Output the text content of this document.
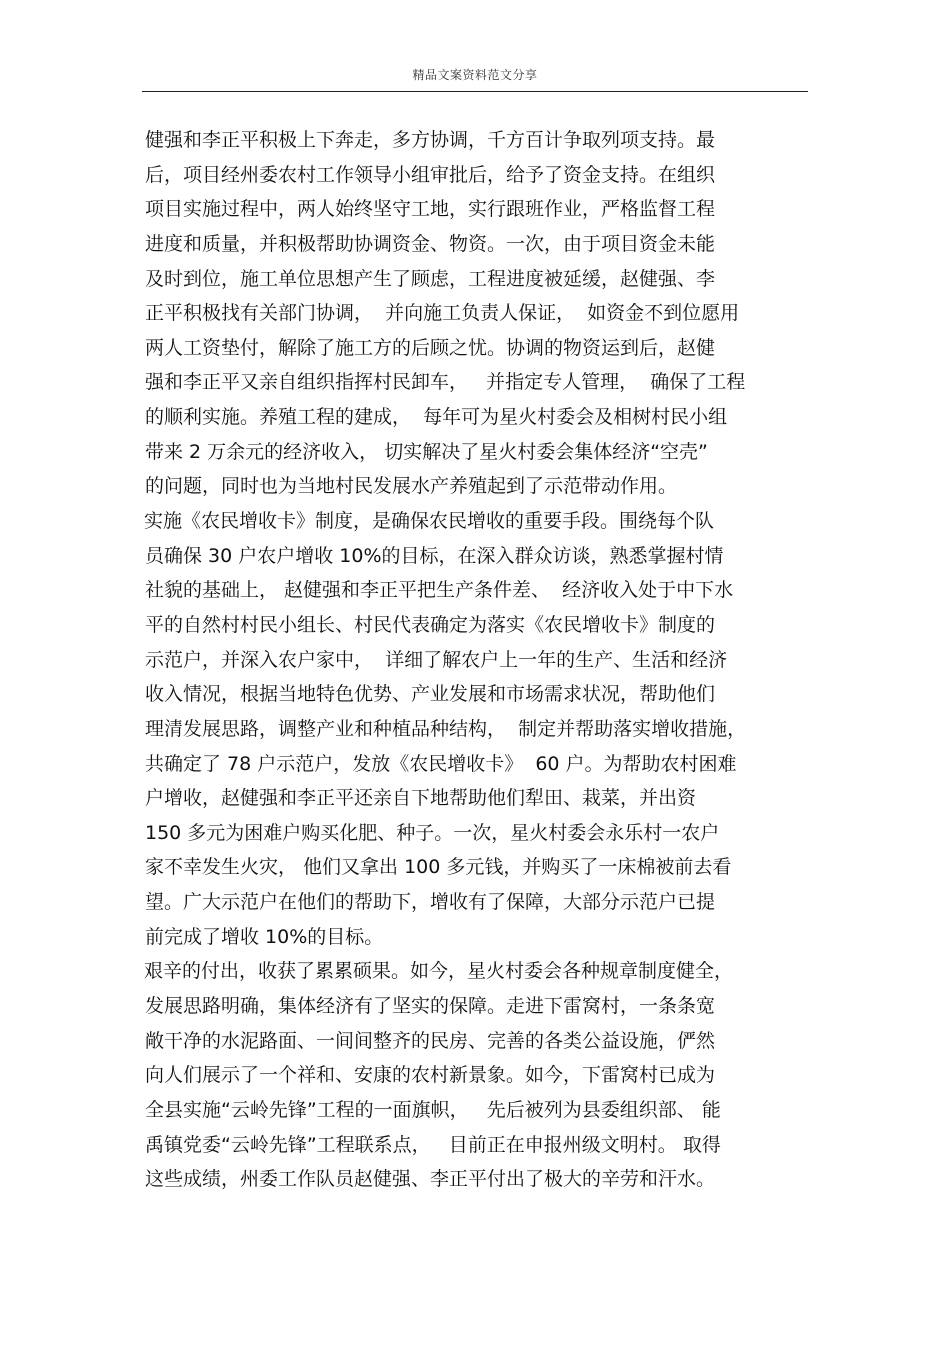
精品文案资料范文分享
健强和李正平积极上下奔走，多方协调，千方百计争取列项支持。最
后，项目经州委农村工作领导小组审批后，给予了资金支持。在组织
项目实施过程中，两人始终坚守工地，实行跟班作业，严格监督工程
进度和质量，并积极帮助协调资金、物资。一次，由于项目资金未能
及时到位，施工单位思想产生了顾虑，工程进度被延缓，赵健强、李
正平积极找有关部门协调，  并向施工负责人保证，  如资金不到位愿用
两人工资垫付，解除了施工方的后顾之忧。协调的物资运到后，赵健
强和李正平又亲自组织指挥村民卸车，   并指定专人管理，  确保了工程
的顺利实施。养殖工程的建成，  每年可为星火村委会及相树村民小组
带来 2 万余元的经济收入， 切实解决了星火村委会集体经济“空壳”
的问题，同时也为当地村民发展水产养殖起到了示范带动作用。
实施《农民增收卡》制度，是确保农民增收的重要手段。围绕每个队
员确保 30 户农户增收 10%的目标，在深入群众访谈，熟悉掌握村情
社貌的基础上， 赵健强和李正平把生产条件差、  经济收入处于中下水
平的自然村村民小组长、村民代表确定为落实《农民增收卡》制度的
示范户，并深入农户家中，  详细了解农户上一年的生产、生活和经济
收入情况，根据当地特色优势、产业发展和市场需求状况，帮助他们
理清发展思路，调整产业和种植品种结构，  制定并帮助落实增收措施，
共确定了 78 户示范户，发放《农民增收卡》  60 户。为帮助农村困难
户增收，赵健强和李正平还亲自下地帮助他们犁田、栽菜，并出资
150 多元为困难户购买化肥、种子。一次，星火村委会永乐村一农户
家不幸发生火灾， 他们又拿出 100 多元钱，并购买了一床棉被前去看
望。广大示范户在他们的帮助下，增收有了保障，大部分示范户已提
前完成了增收 10%的目标。
艰辛的付出，收获了累累硕果。如今，星火村委会各种规章制度健全，
发展思路明确，集体经济有了坚实的保障。走进下雷窝村，一条条宽
敞干净的水泥路面、一间间整齐的民房、完善的各类公益设施，俨然
向人们展示了一个祥和、安康的农村新景象。如今，下雷窝村已成为
全县实施“云岭先锋”工程的一面旗帜，   先后被列为县委组织部、 能
禹镇党委“云岭先锋”工程联系点，   目前正在申报州级文明村。 取得
这些成绩，州委工作队员赵健强、李正平付出了极大的辛劳和汗水。
